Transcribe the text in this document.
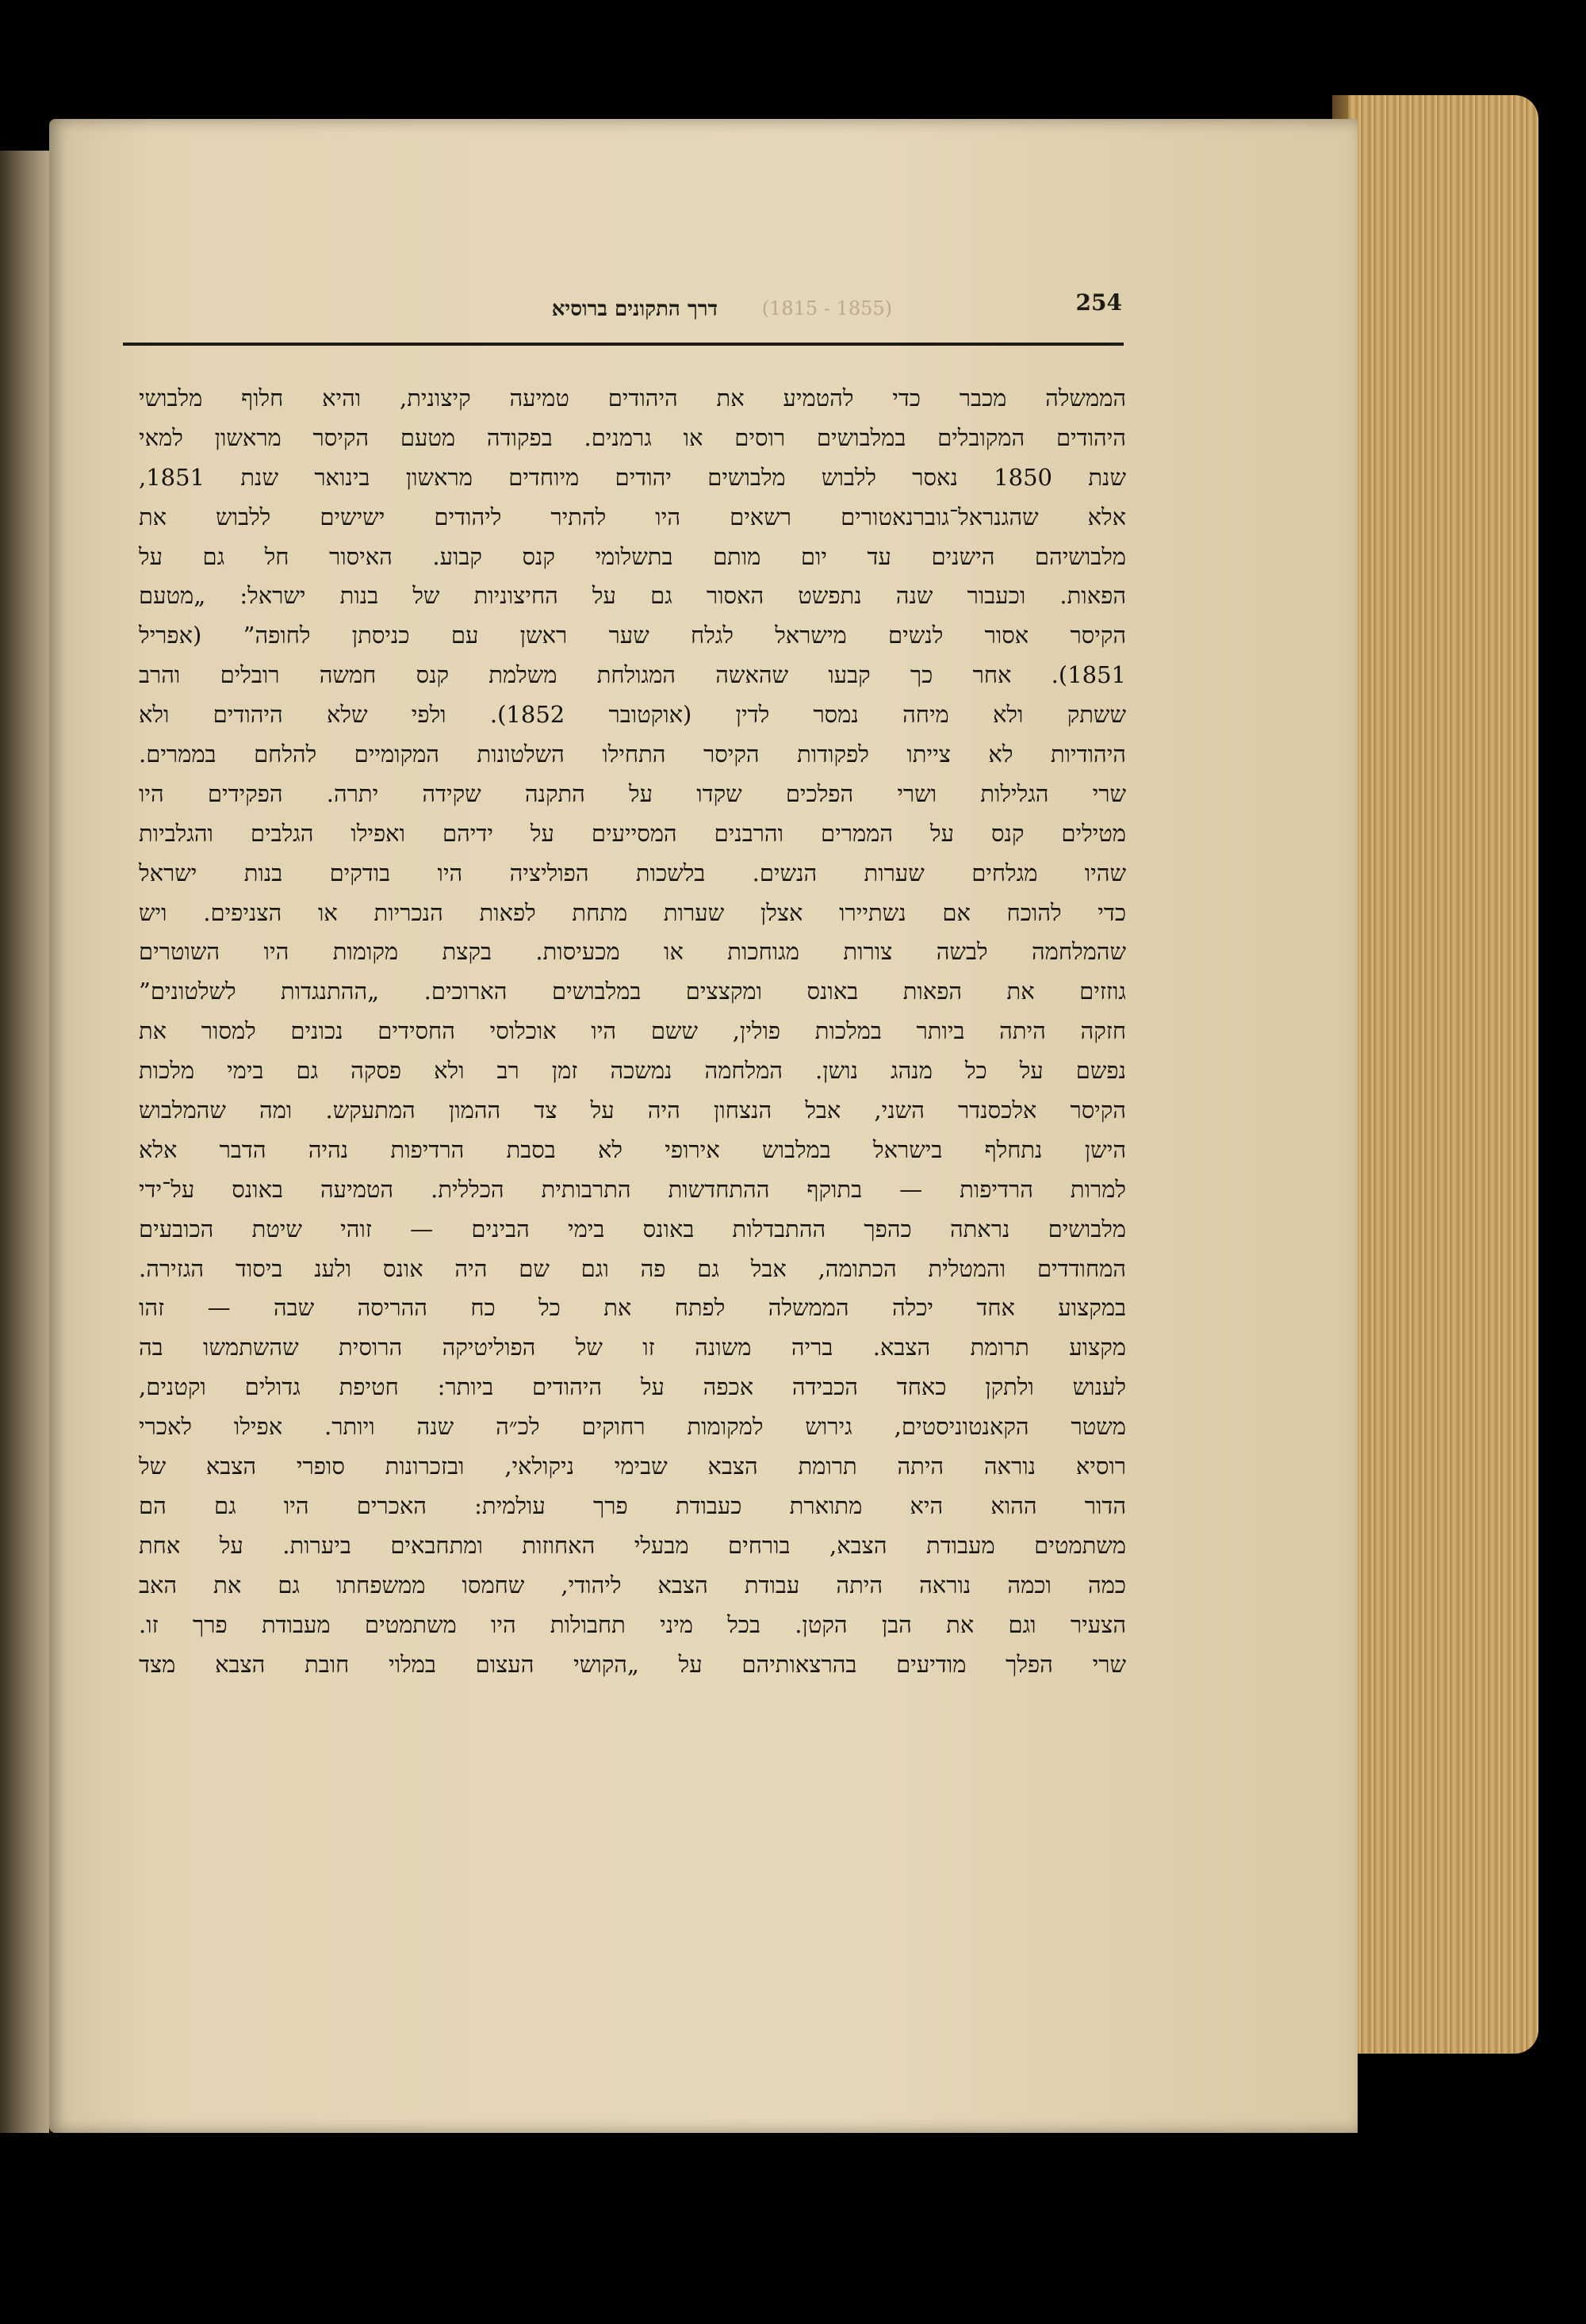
254
דרך התקונים ברוסיא (1855 - 1815)
הממשלה מכבר כדי להטמיע את היהודים טמיעה קיצונית, והיא חלוף מלבושי
היהודים המקובלים במלבושים רוסים או גרמנים. בפקודה מטעם הקיסר מראשון למאי
שנת 1850 נאסר ללבוש מלבושים יהודים מיוחדים מראשון בינואר שנת 1851,
אלא שהגנראל־גוברנאטורים רשאים היו להתיר ליהודים ישישים ללבוש את
מלבושיהם הישנים עד יום מותם בתשלומי קנס קבוע. האיסור חל גם על
הפאות. וכעבור שנה נתפשט האסור גם על החיצוניות של בנות ישראל: „מטעם
הקיסר אסור לנשים מישראל לגלח שער ראשן עם כניסתן לחופה” (אפריל
1851). אחר כך קבעו שהאשה המגולחת משלמת קנס חמשה רובלים והרב
ששתק ולא מיחה נמסר לדין (אוקטובר 1852). ולפי שלא היהודים ולא
היהודיות לא צייתו לפקודות הקיסר התחילו השלטונות המקומיים להלחם בממרים.
שרי הגלילות ושרי הפלכים שקדו על התקנה שקידה יתרה. הפקידים היו
מטילים קנס על הממרים והרבנים המסייעים על ידיהם ואפילו הגלבים והגלביות
שהיו מגלחים שערות הנשים. בלשכות הפוליציה היו בודקים בנות ישראל
כדי להוכח אם נשתיירו אצלן שערות מתחת לפאות הנכריות או הצניפים. ויש
שהמלחמה לבשה צורות מגוחכות או מכעיסות. בקצת מקומות היו השוטרים
גוזזים את הפאות באונס ומקצצים במלבושים הארוכים. „ההתנגדות לשלטונים”
חזקה היתה ביותר במלכות פולין, ששם היו אוכלוסי החסידים נכונים למסור את
נפשם על כל מנהג נושן. המלחמה נמשכה זמן רב ולא פסקה גם בימי מלכות
הקיסר אלכסנדר השני, אבל הנצחון היה על צד ההמון המתעקש. ומה שהמלבוש
הישן נתחלף בישראל במלבוש אירופי לא בסבת הרדיפות נהיה הדבר אלא
למרות הרדיפות — בתוקף ההתחדשות התרבותית הכללית. הטמיעה באונס על־ידי
מלבושים נראתה כהפך ההתבדלות באונס בימי הבינים — זוהי שיטת הכובעים
המחודדים והמטלית הכתומה, אבל גם פה וגם שם היה אונס ולענ ביסוד הגזירה.
במקצוע אחד יכלה הממשלה לפתח את כל כח ההריסה שבה — זהו
מקצוע תרומת הצבא. בריה משונה זו של הפוליטיקה הרוסית שהשתמשו בה
לענוש ולתקן כאחד הכבידה אכפה על היהודים ביותר: חטיפת גדולים וקטנים,
משטר הקאנטוניסטים, גירוש למקומות רחוקים לכ״ה שנה ויותר. אפילו לאכרי
רוסיא נוראה היתה תרומת הצבא שבימי ניקולאי, ובזכרונות סופרי הצבא של
הדור ההוא היא מתוארת כעבודת פרך עולמית: האכרים היו גם הם
משתמטים מעבודת הצבא, בורחים מבעלי האחוזות ומתחבאים ביערות. על אחת
כמה וכמה נוראה היתה עבודת הצבא ליהודי, שחמסו ממשפחתו גם את האב
הצעיר וגם את הבן הקטן. בכל מיני תחבולות היו משתמטים מעבודת פרך זו.
שרי הפלך מודיעים בהרצאותיהם על „הקושי העצום במלוי חובת הצבא מצד
